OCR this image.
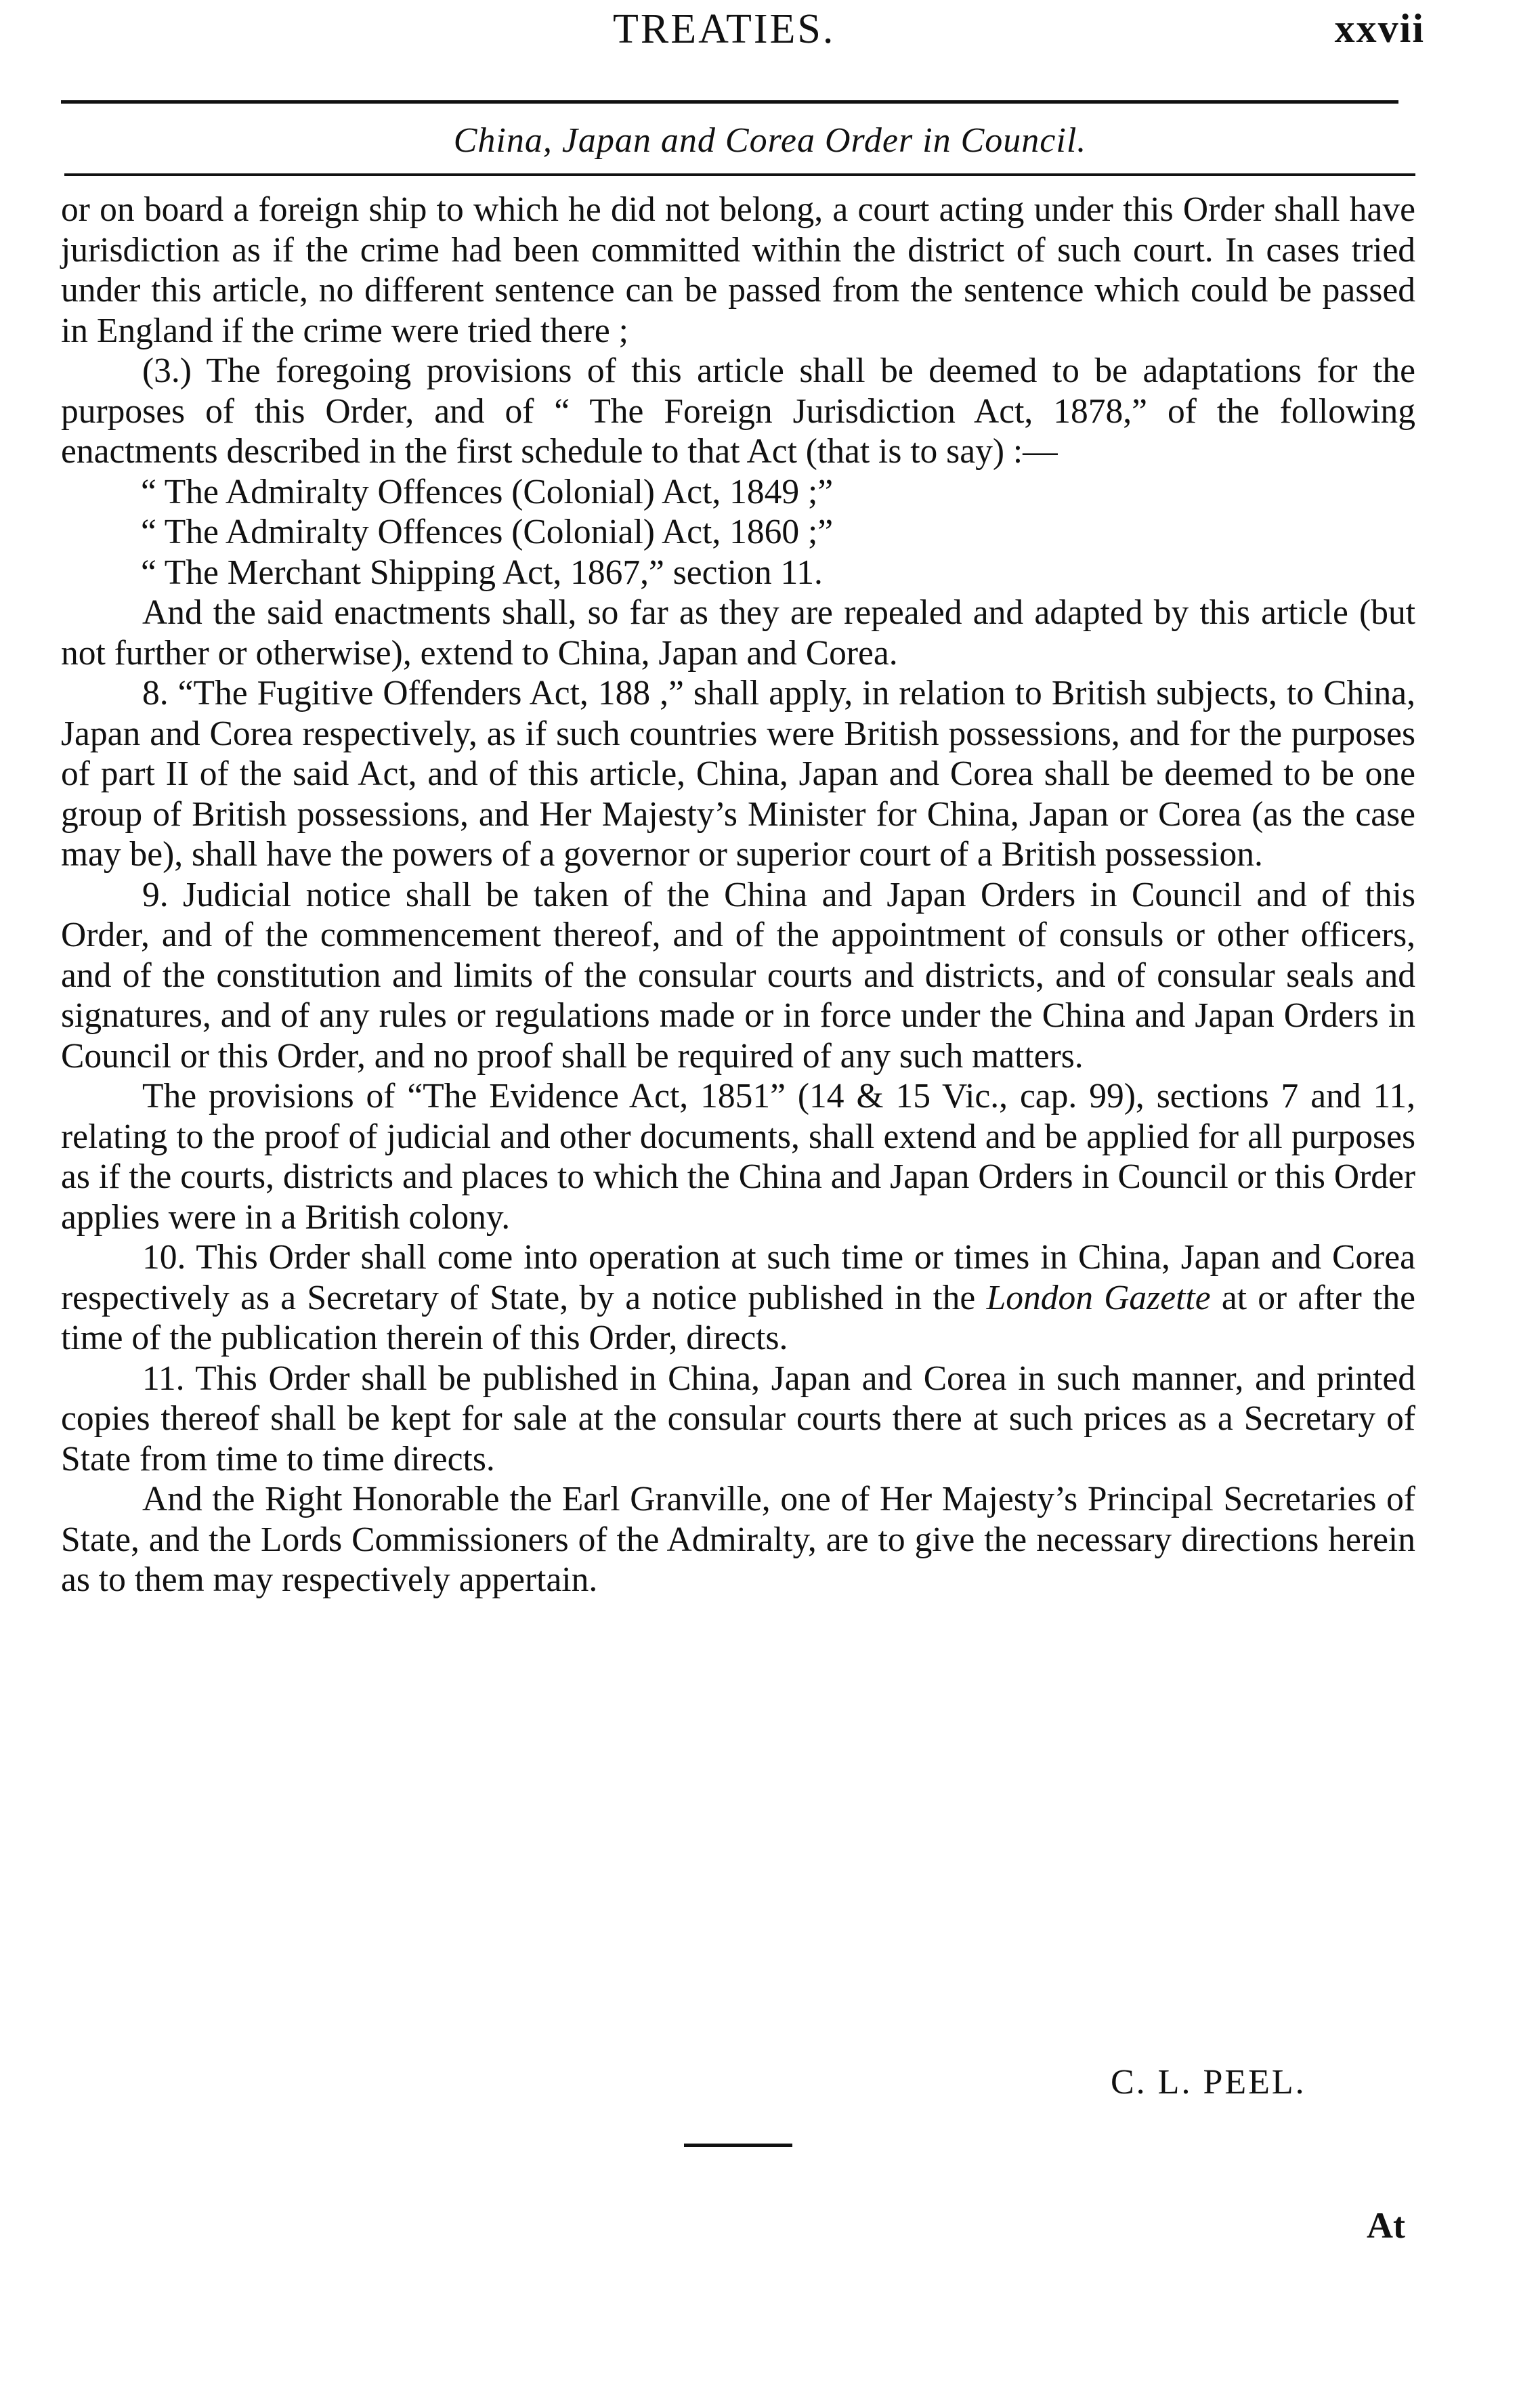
TREATIES.	xxvii
China, Japan and Corea Order in Council.

or on board a foreign ship to which he did not belong, a court acting under this Order shall have jurisdiction as if the crime had been committed within the district of such court. In cases tried under this article, no different sentence can be passed from the sentence which could be passed in England if the crime were tried there ;

(3.) The foregoing provisions of this article shall be deemed to be adaptations for the purposes of this Order, and of “ The Foreign Jurisdiction Act, 1878,” of the following enactments described in the first schedule to that Act (that is to say) :—

“ The Admiralty Offences (Colonial) Act, 1849 ;”

“ The Admiralty Offences (Colonial) Act, 1860 ;”

“ The Merchant Shipping Act, 1867,” section 11.

And the said enactments shall, so far as they are repealed and adapted by this article (but not further or otherwise), extend to China, Japan and Corea.

8. “The Fugitive Offenders Act, 188 ,” shall apply, in relation to British subjects, to China, Japan and Corea respectively, as if such countries were British possessions, and for the purposes of part II of the said Act, and of this article, China, Japan and Corea shall be deemed to be one group of British possessions, and Her Majesty’s Minister for China, Japan or Corea (as the case may be), shall have the powers of a governor or superior court of a British possession.

9. Judicial notice shall be taken of the China and Japan Orders in Council and of this Order, and of the commencement thereof, and of the appointment of consuls or other officers, and of the constitution and limits of the consular courts and districts, and of consular seals and signatures, and of any rules or regulations made or in force under the China and Japan Orders in Council or this Order, and no proof shall be required of any such matters.

The provisions of “The Evidence Act, 1851” (14 & 15 Vic., cap. 99), sections 7 and 11, relating to the proof of judicial and other documents, shall extend and be applied for all purposes as if the courts, districts and places to which the China and Japan Orders in Council or this Order applies were in a British colony.

10. This Order shall come into operation at such time or times in China, Japan and Corea respectively as a Secretary of State, by a notice published in the London Gazette at or after the time of the publication therein of this Order, directs.

11. This Order shall be published in China, Japan and Corea in such manner, and printed copies thereof shall be kept for sale at the consular courts there at such prices as a Secretary of State from time to time directs.

And the Right Honorable the Earl Granville, one of Her Majesty’s Principal Secretaries of State, and the Lords Commissioners of the Admiralty, are to give the necessary directions herein as to them may respectively appertain.

C. L. PEEL.
At
